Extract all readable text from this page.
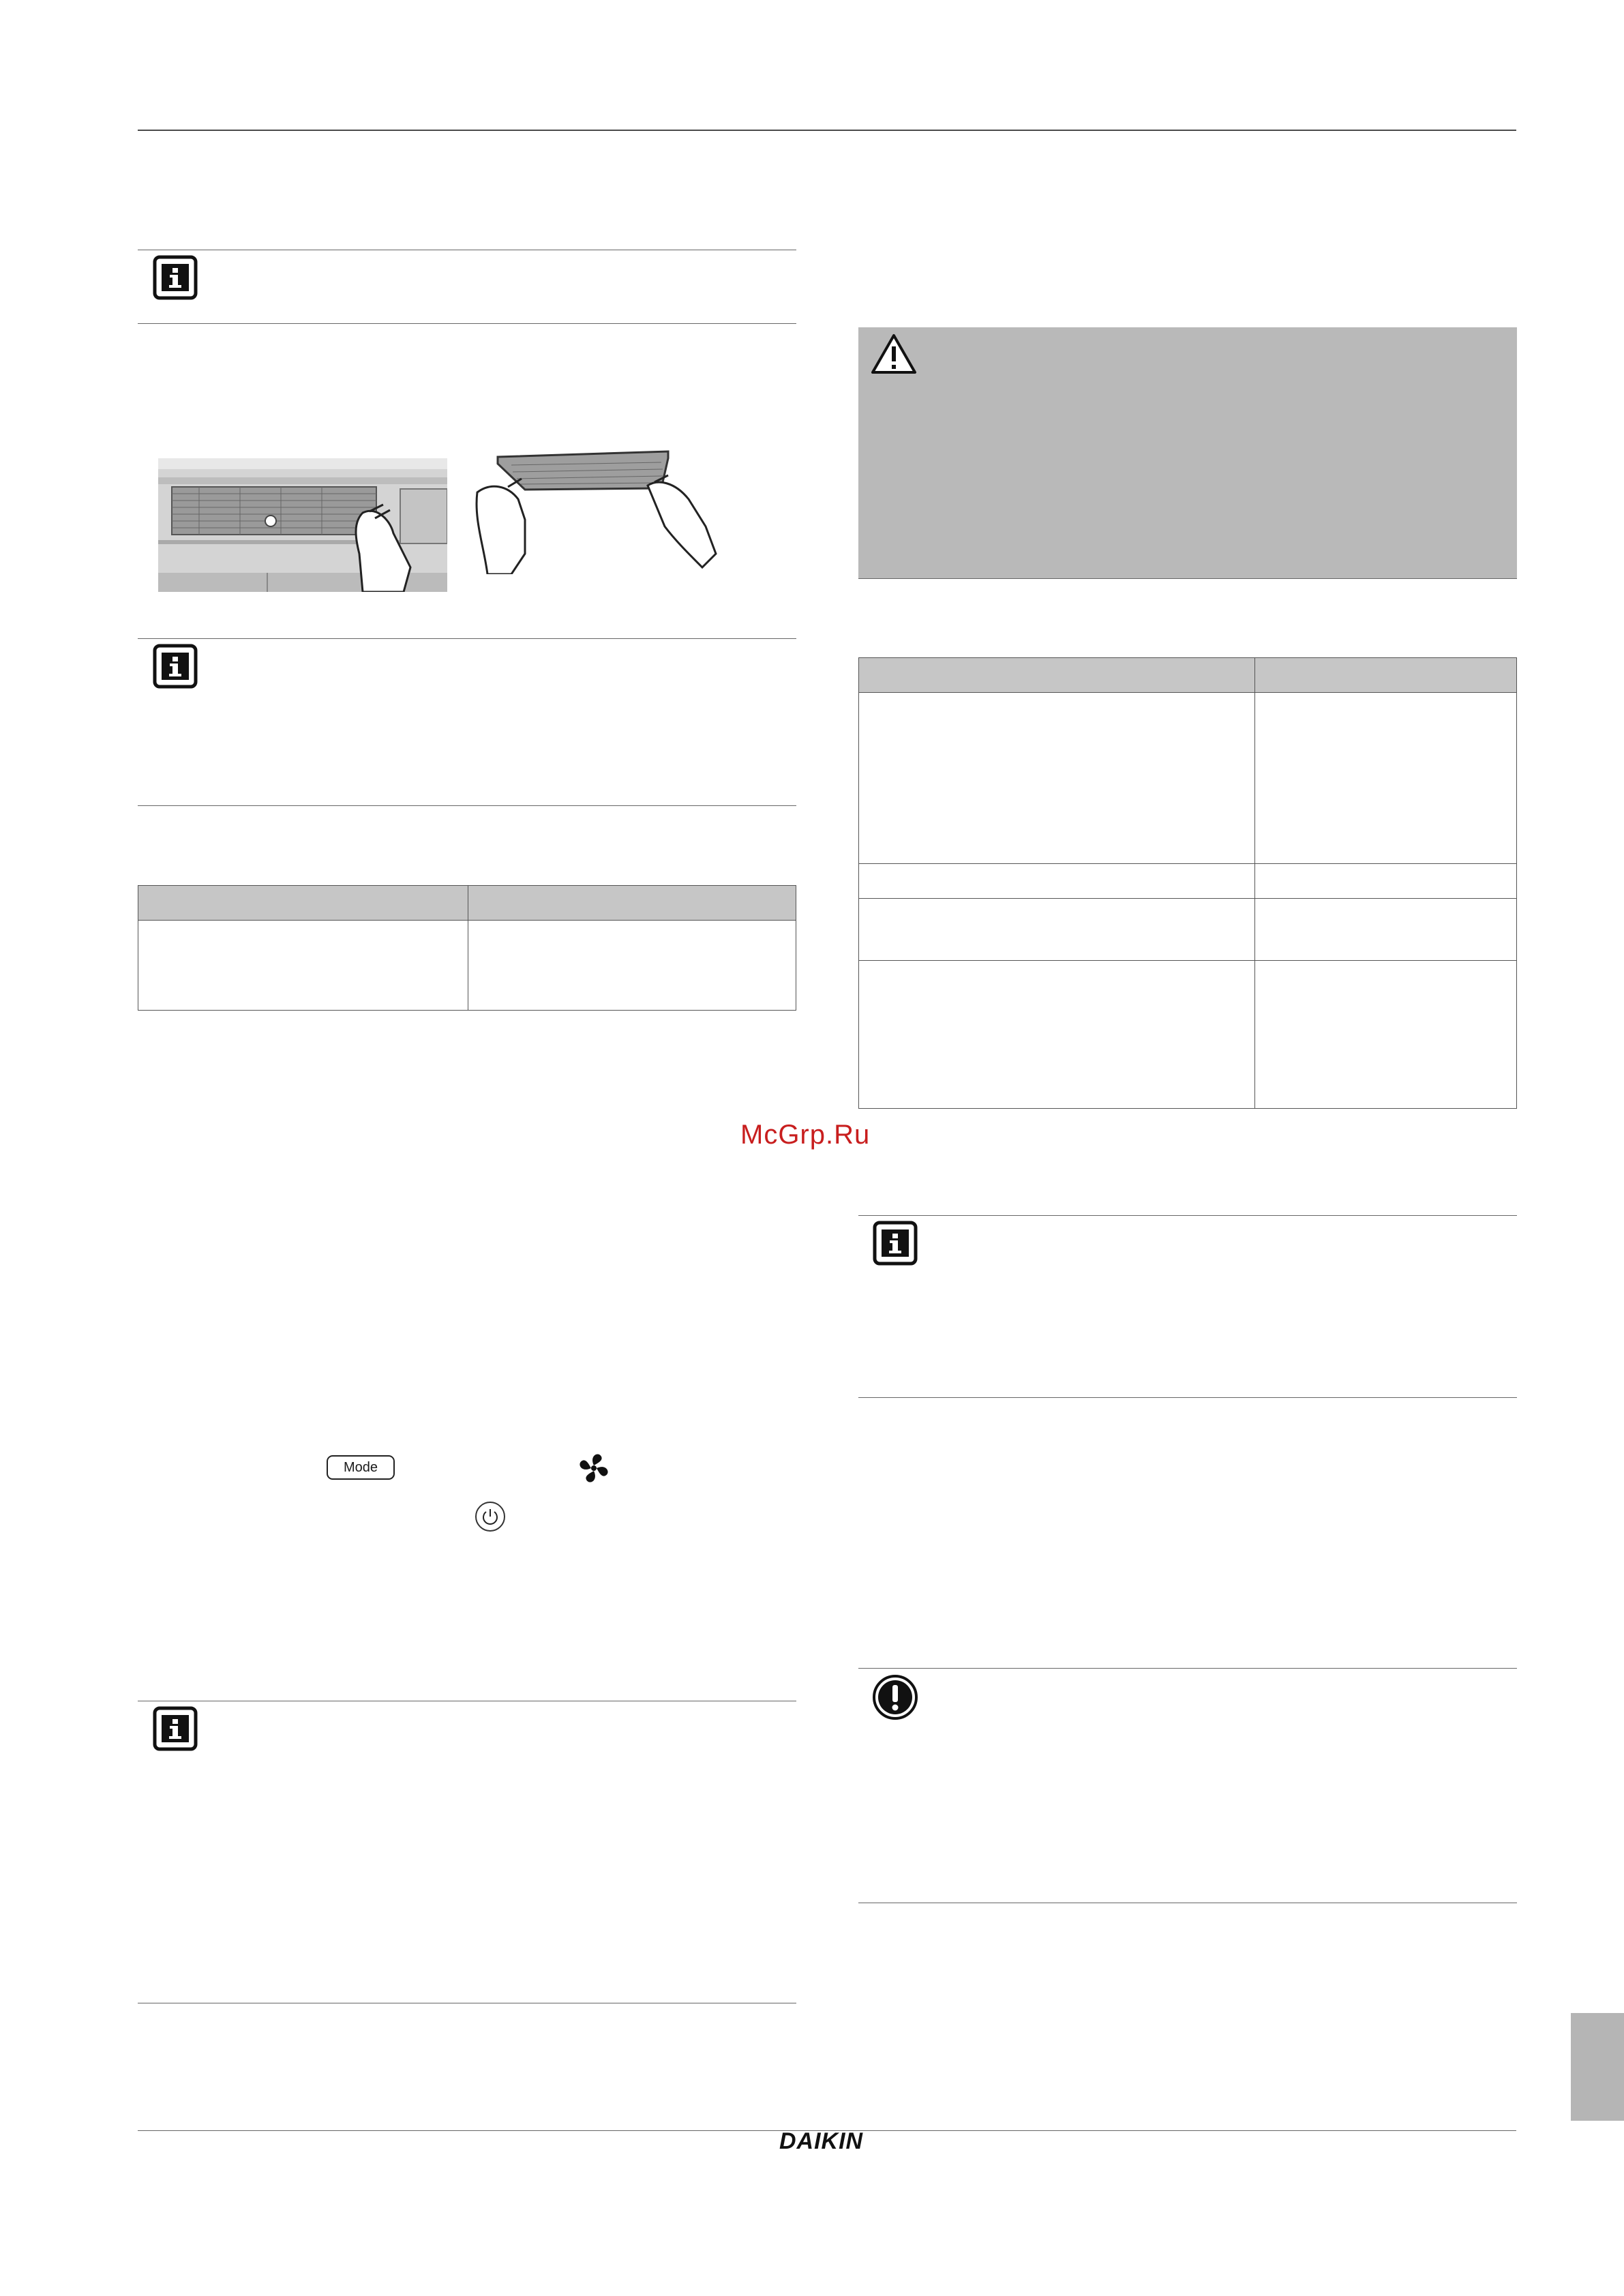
Mode
McGrp.Ru
DAIKIN
